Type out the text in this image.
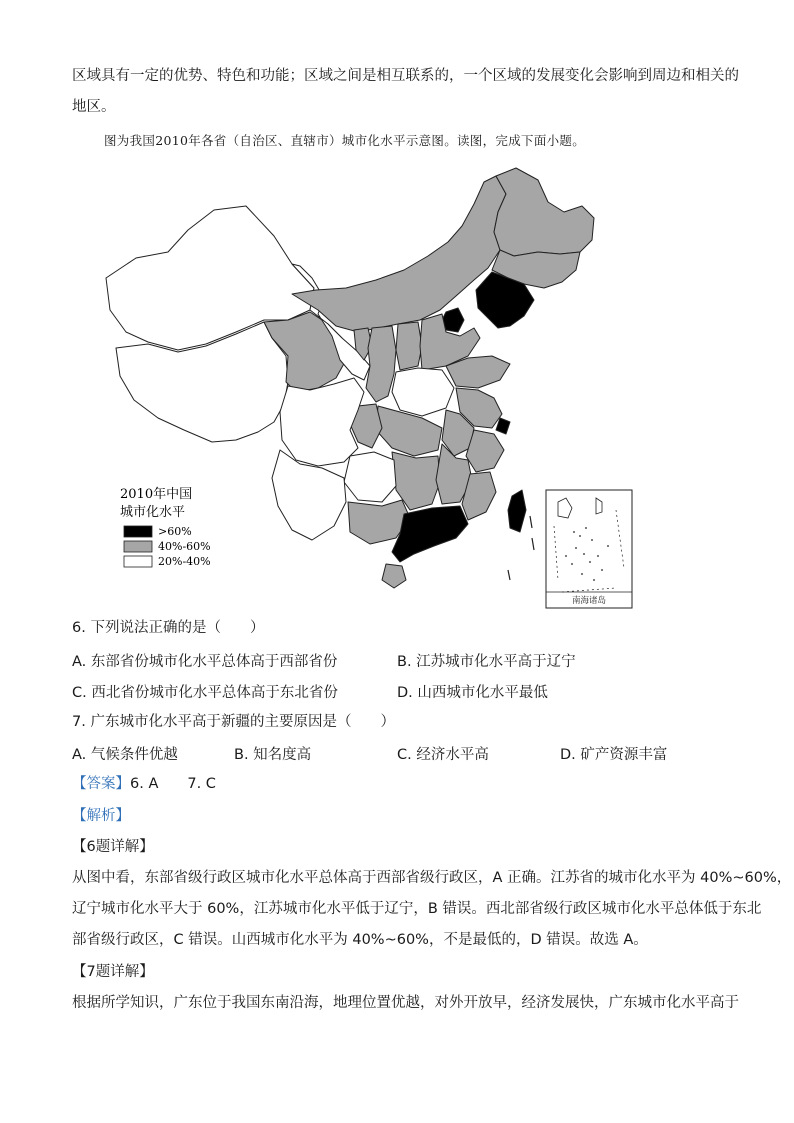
区域具有一定的优势、特色和功能；区域之间是相互联系的，一个区域的发展变化会影响到周边和相关的
地区。
图为我国2010年各省（自治区、直辖市）城市化水平示意图。读图，完成下面小题。
南海诸岛
2010年中国
城市化水平
>60%
40%-60%
20%-40%
6. 下列说法正确的是（　　）
A. 东部省份城市化水平总体高于西部省份	B. 江苏城市化水平高于辽宁
C. 西北省份城市化水平总体高于东北省份	D. 山西城市化水平最低
7. 广东城市化水平高于新疆的主要原因是（　　）
A. 气候条件优越	B. 知名度高	C. 经济水平高	D. 矿产资源丰富
【答案】6. A　　7. C
【解析】
【6题详解】
从图中看，东部省级行政区城市化水平总体高于西部省级行政区，A 正确。江苏省的城市化水平为 40%~60%，
辽宁城市化水平大于 60%，江苏城市化水平低于辽宁，B 错误。西北部省级行政区城市化水平总体低于东北
部省级行政区，C 错误。山西城市化水平为 40%~60%，不是最低的，D 错误。故选 A。
【7题详解】
根据所学知识，广东位于我国东南沿海，地理位置优越，对外开放早，经济发展快，广东城市化水平高于
